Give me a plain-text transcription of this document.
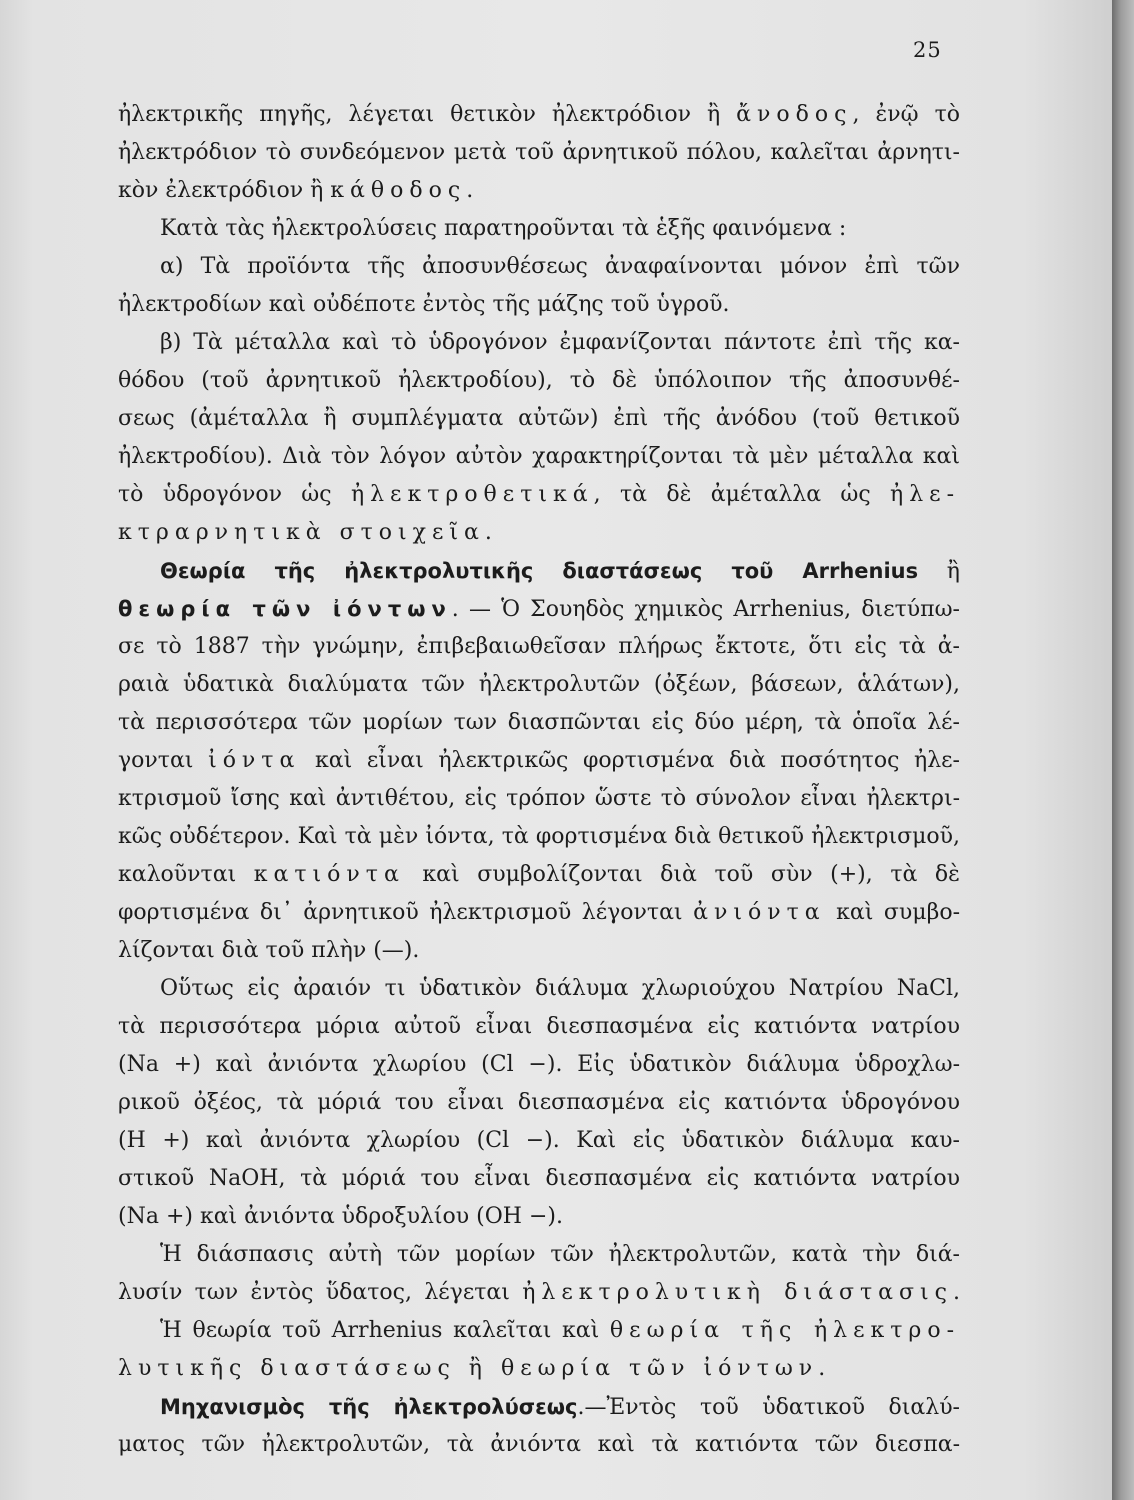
25
ἠλεκτρικῆς πηγῆς, λέγεται θετικὸν ἠλεκτρόδιον ἢ ἄνοδος, ἐνῷ τὸ
ἠλεκτρόδιον τὸ συνδεόμενον μετὰ τοῦ ἀρνητικοῦ πόλου, καλεῖται ἀρνητι-
κὸν ἐλεκτρόδιον ἢ κάθοδος.
Κατὰ τὰς ἠλεκτρολύσεις παρατηροῦνται τὰ ἑξῆς φαινόμενα :
α) Τὰ προϊόντα τῆς ἀποσυνθέσεως ἀναφαίνονται μόνον ἐπὶ τῶν
ἠλεκτροδίων καὶ οὐδέποτε ἐντὸς τῆς μάζης τοῦ ὑγροῦ.
β) Τὰ μέταλλα καὶ τὸ ὑδρογόνον ἐμφανίζονται πάντοτε ἐπὶ τῆς κα-
θόδου (τοῦ ἀρνητικοῦ ἠλεκτροδίου), τὸ δὲ ὑπόλοιπον τῆς ἀποσυνθέ-
σεως (ἀμέταλλα ἢ συμπλέγματα αὐτῶν) ἐπὶ τῆς ἀνόδου (τοῦ θετικοῦ
ἠλεκτροδίου). Διὰ τὸν λόγον αὐτὸν χαρακτηρίζονται τὰ μὲν μέταλλα καὶ
τὸ ὑδρογόνον ὡς ἠλεκτροθετικά, τὰ δὲ ἀμέταλλα ὡς ἠλε-
κτραρνητικὰ στοιχεῖα.
Θεωρία τῆς ἠλεκτρολυτικῆς διαστάσεως τοῦ Arrhenius ἢ
θεωρία τῶν ἰόντων. — Ὁ Σουηδὸς χημικὸς Arrhenius, διετύπω-
σε τὸ 1887 τὴν γνώμην, ἐπιβεβαιωθεῖσαν πλήρως ἔκτοτε, ὅτι εἰς τὰ ἀ-
ραιὰ ὑδατικὰ διαλύματα τῶν ἠλεκτρολυτῶν (ὀξέων, βάσεων, ἁλάτων),
τὰ περισσότερα τῶν μορίων των διασπῶνται εἰς δύο μέρη, τὰ ὁποῖα λέ-
γονται ἰόντα καὶ εἶναι ἠλεκτρικῶς φορτισμένα διὰ ποσότητος ἠλε-
κτρισμοῦ ἴσης καὶ ἀντιθέτου, εἰς τρόπον ὥστε τὸ σύνολον εἶναι ἠλεκτρι-
κῶς οὐδέτερον. Καὶ τὰ μὲν ἰόντα, τὰ φορτισμένα διὰ θετικοῦ ἠλεκτρισμοῦ,
καλοῦνται κατιόντα καὶ συμβολίζονται διὰ τοῦ σὺν (+), τὰ δὲ
φορτισμένα δι᾿ ἀρνητικοῦ ἠλεκτρισμοῦ λέγονται ἀνιόντα καὶ συμβο-
λίζονται διὰ τοῦ πλὴν (—).
Οὕτως εἰς ἀραιόν τι ὑδατικὸν διάλυμα χλωριούχου Νατρίου NaCl,
τὰ περισσότερα μόρια αὐτοῦ εἶναι διεσπασμένα εἰς κατιόντα νατρίου
(Na +) καὶ ἀνιόντα χλωρίου (Cl −). Εἰς ὑδατικὸν διάλυμα ὑδροχλω-
ρικοῦ ὀξέος, τὰ μόριά του εἶναι διεσπασμένα εἰς κατιόντα ὑδρογόνου
(H +) καὶ ἀνιόντα χλωρίου (Cl −). Καὶ εἰς ὑδατικὸν διάλυμα καυ-
στικοῦ NaOH, τὰ μόριά του εἶναι διεσπασμένα εἰς κατιόντα νατρίου
(Na +) καὶ ἀνιόντα ὑδροξυλίου (OH −).
Ἡ διάσπασις αὐτὴ τῶν μορίων τῶν ἠλεκτρολυτῶν, κατὰ τὴν διά-
λυσίν των ἐντὸς ὕδατος, λέγεται ἠλεκτρολυτικὴ διάστασις.
Ἡ θεωρία τοῦ Arrhenius καλεῖται καὶ θεωρία τῆς ἠλεκτρο-
λυτικῆς διαστάσεως ἢ θεωρία τῶν ἰόντων.
Μηχανισμὸς τῆς ἠλεκτρολύσεως.—Ἐντὸς τοῦ ὑδατικοῦ διαλύ-
ματος τῶν ἠλεκτρολυτῶν, τὰ ἀνιόντα καὶ τὰ κατιόντα τῶν διεσπα-
